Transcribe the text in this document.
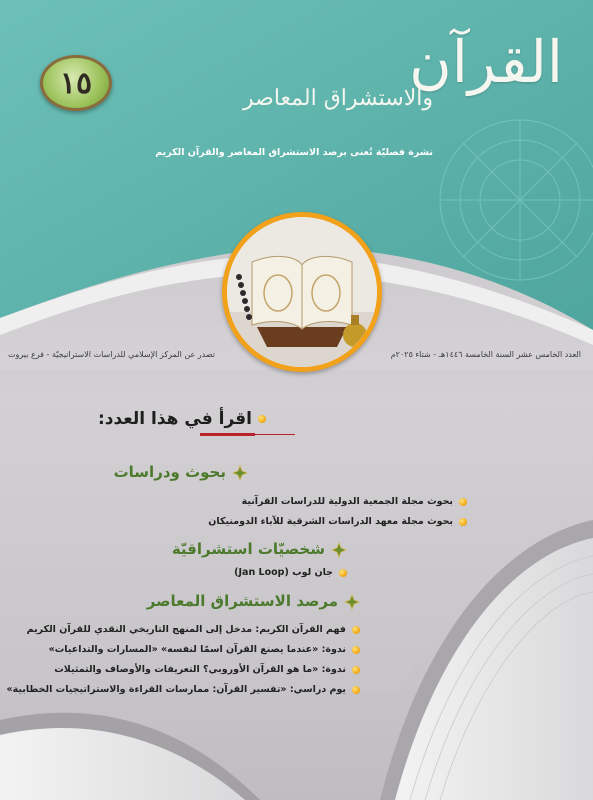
١٥	القرآن
والاستشراق المعاصر
نشرة فصليّة تُعنى برصد الاستشراق المعاصر والقرآن الكريم
العدد الخامس عشر السنة الخامسة ١٤٤٦هـ - شتاء ٢٠٢٥م
تصدر عن المركز الإسلامي للدراسات الاستراتيجيّة - فرع بيروت
اقرأ في هذا العدد:
بحوث ودراسات
بحوث مجلة الجمعية الدولية للدراسات القرآنية
بحوث مجلة معهد الدراسات الشرقية للآباء الدومنيكان
شخصيّات استشراقيّة
جان لوب (Jan Loop)
مرصد الاستشراق المعاصر
فهم القرآن الكريم: مدخل إلى المنهج التاريخي النقدي للقرآن الكريم
ندوة: «عندما يصنع القرآن اسمًا لنفسه» «المسارات والتداعيات»
ندوة: «ما هو القرآن الأوروبي؟ التعريفات والأوصاف والتمثيلات
يوم دراسي: «تفسير القرآن: ممارسات القراءة والاستراتيجيات الخطابية»
